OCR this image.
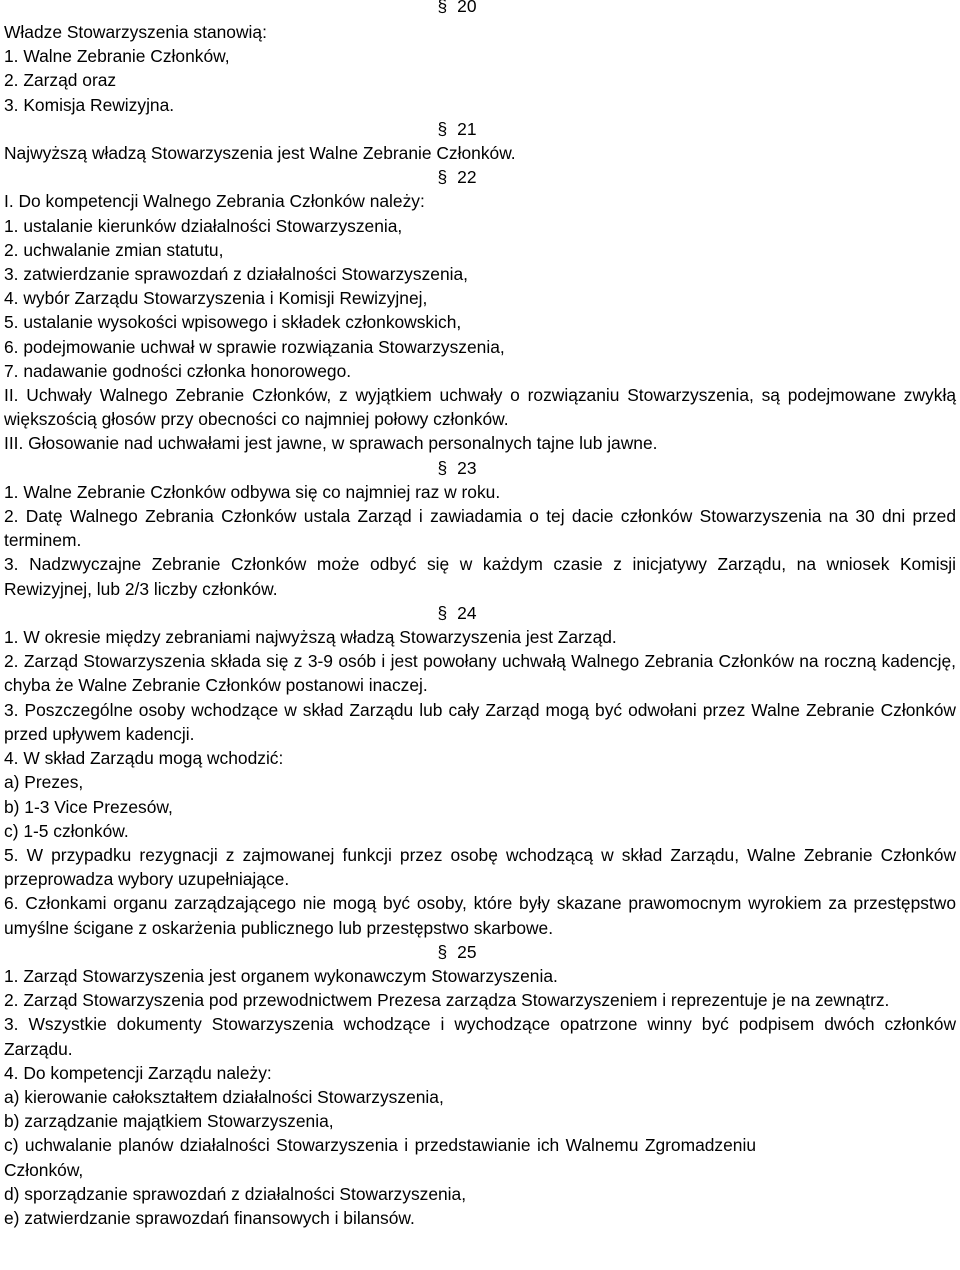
§ 20
Władze Stowarzyszenia stanowią:
1. Walne Zebranie Członków,
2. Zarząd oraz
3. Komisja Rewizyjna.
§ 21
Najwyższą władzą Stowarzyszenia jest Walne Zebranie Członków.
§ 22
I. Do kompetencji Walnego Zebrania Członków należy:
1. ustalanie kierunków działalności Stowarzyszenia,
2. uchwalanie zmian statutu,
3. zatwierdzanie sprawozdań z działalności Stowarzyszenia,
4. wybór Zarządu Stowarzyszenia i Komisji Rewizyjnej,
5. ustalanie wysokości wpisowego i składek członkowskich,
6. podejmowanie uchwał w sprawie rozwiązania Stowarzyszenia,
7. nadawanie godności członka honorowego.
II. Uchwały Walnego Zebranie Członków, z wyjątkiem uchwały o rozwiązaniu Stowarzyszenia, są podejmowane zwykłą większością głosów przy obecności co najmniej połowy członków.
III. Głosowanie nad uchwałami jest jawne, w sprawach personalnych tajne lub jawne.
§ 23
1. Walne Zebranie Członków odbywa się co najmniej raz w roku.
2. Datę Walnego Zebrania Członków ustala Zarząd i zawiadamia o tej dacie członków Stowarzyszenia na 30 dni przed terminem.
3. Nadzwyczajne Zebranie Członków może odbyć się w każdym czasie z inicjatywy Zarządu, na wniosek Komisji Rewizyjnej, lub 2/3 liczby członków.
§ 24
1. W okresie między zebraniami najwyższą władzą Stowarzyszenia jest Zarząd.
2. Zarząd Stowarzyszenia składa się z 3-9 osób i jest powołany uchwałą Walnego Zebrania Członków na roczną kadencję, chyba że Walne Zebranie Członków postanowi inaczej.
3. Poszczególne osoby wchodzące w skład Zarządu lub cały Zarząd mogą być odwołani przez Walne Zebranie Członków przed upływem kadencji.
4. W skład Zarządu mogą wchodzić:
a) Prezes,
b) 1-3 Vice Prezesów,
c) 1-5 członków.
5. W przypadku rezygnacji z zajmowanej funkcji przez osobę wchodzącą w skład Zarządu, Walne Zebranie Członków przeprowadza wybory uzupełniające.
6. Członkami organu zarządzającego nie mogą być osoby, które były skazane prawomocnym wyrokiem za przestępstwo umyślne ścigane z oskarżenia publicznego lub przestępstwo skarbowe.
§ 25
1. Zarząd Stowarzyszenia jest organem wykonawczym Stowarzyszenia.
2. Zarząd Stowarzyszenia pod przewodnictwem Prezesa zarządza Stowarzyszeniem i reprezentuje je na zewnątrz.
3. Wszystkie dokumenty Stowarzyszenia wchodzące i wychodzące opatrzone winny być podpisem dwóch członków Zarządu.
4. Do kompetencji Zarządu należy:
a) kierowanie całokształtem działalności Stowarzyszenia,
b) zarządzanie majątkiem Stowarzyszenia,
c) uchwalanie planów działalności Stowarzyszenia i przedstawianie ich Walnemu Zgromadzeniu Członków,
d) sporządzanie sprawozdań z działalności Stowarzyszenia,
e) zatwierdzanie sprawozdań finansowych i bilansów.
